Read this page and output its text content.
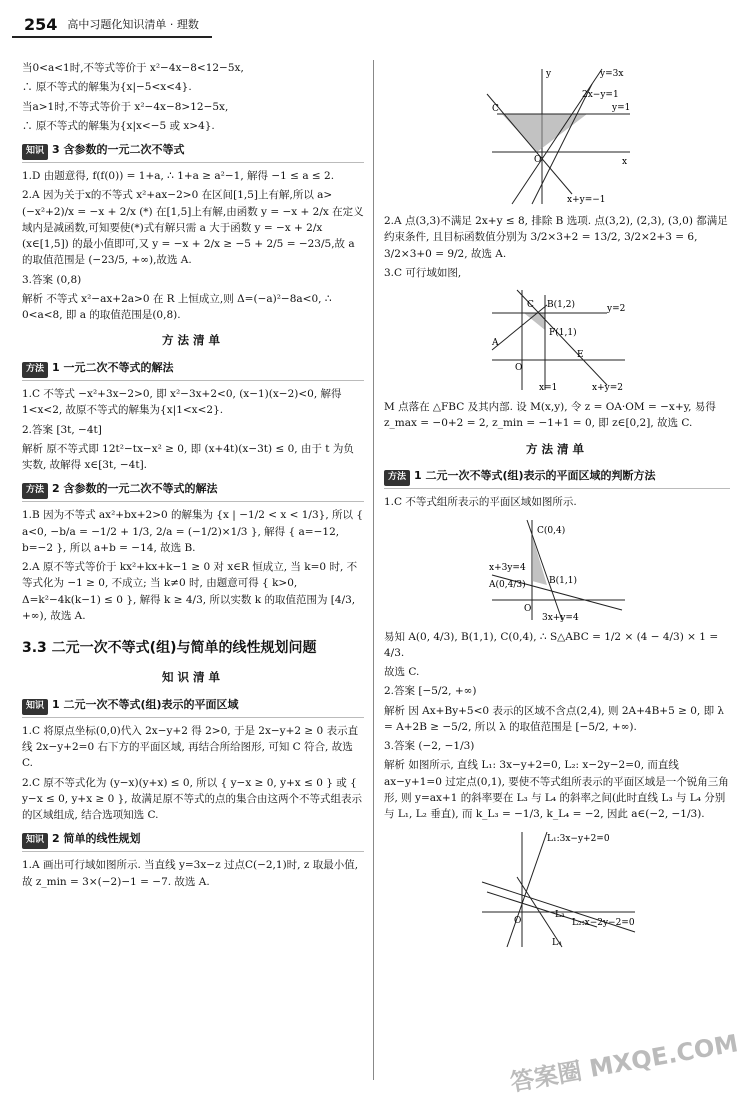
254 高中习题化知识清单 · 理数

当0<a<1时,不等式等价于 x²−4x−8<12−5x,

∴ 原不等式的解集为{x|−5<x<4}.

当a>1时,不等式等价于 x²−4x−8>12−5x,

∴ 原不等式的解集为{x|x<−5 或 x>4}.

知识 3 含参数的一元二次不等式

1.D 由题意得, f(f(0)) = 1+a, ∴ 1+a ≥ a²−1, 解得 −1 ≤ a ≤ 2.

2.A 因为关于x的不等式 x²+ax−2>0 在区间[1,5]上有解,所以 a> (−x²+2)/x = −x + 2/x (*) 在[1,5]上有解,由函数 y = −x + 2/x 在定义域内是减函数,可知要使(*)式有解只需 a 大于函数 y = −x + 2/x (x∈[1,5]) 的最小值即可,又 y = −x + 2/x ≥ −5 + 2/5 = −23/5,故 a 的取值范围是 (−23/5, +∞),故选 A.

3.答案 (0,8)

解析 不等式 x²−ax+2a>0 在 R 上恒成立,则 Δ=(−a)²−8a<0, ∴ 0<a<8, 即 a 的取值范围是(0,8).

方法清单
方法 1 一元二次不等式的解法

1.C 不等式 −x²+3x−2>0, 即 x²−3x+2<0, (x−1)(x−2)<0, 解得 1<x<2, 故原不等式的解集为{x|1<x<2}.

2.答案 [3t, −4t]

解析 原不等式即 12t²−tx−x² ≥ 0, 即 (x+4t)(x−3t) ≤ 0, 由于 t 为负实数, 故解得 x∈[3t, −4t].

方法 2 含参数的一元二次不等式的解法

1.B 因为不等式 ax²+bx+2>0 的解集为 {x | −1/2 < x < 1/3}, 所以 { a<0, −b/a = −1/2 + 1/3, 2/a = (−1/2)×1/3 }, 解得 { a=−12, b=−2 }, 所以 a+b = −14, 故选 B.

2.A 原不等式等价于 kx²+kx+k−1 ≥ 0 对 x∈R 恒成立, 当 k=0 时, 不等式化为 −1 ≥ 0, 不成立; 当 k≠0 时, 由题意可得 { k>0, Δ=k²−4k(k−1) ≤ 0 }, 解得 k ≥ 4/3, 所以实数 k 的取值范围为 [4/3, +∞), 故选 A.

3.3 二元一次不等式(组)与简单的线性规划问题
知识清单
知识 1 二元一次不等式(组)表示的平面区域

1.C 将原点坐标(0,0)代入 2x−y+2 得 2>0, 于是 2x−y+2 ≥ 0 表示直线 2x−y+2=0 右下方的平面区域, 再结合所给图形, 可知 C 符合, 故选 C.

2.C 原不等式化为 (y−x)(y+x) ≤ 0, 所以 { y−x ≥ 0, y+x ≤ 0 } 或 { y−x ≤ 0, y+x ≥ 0 }, 故满足原不等式的点的集合由这两个不等式组表示的区域组成, 结合选项知选 C.

知识 2 简单的线性规划

1.A 画出可行域如图所示. 当直线 y=3x−z 过点C(−2,1)时, z 取最小值, 故 z_min = 3×(−2)−1 = −7. 故选 A.

y=3x
2x−y=1
y=1
C
x+y=−1
x
y
O

2.A 点(3,3)不满足 2x+y ≤ 8, 排除 B 选项. 点(3,2), (2,3), (3,0) 都满足约束条件, 且目标函数值分别为 3/2×3+2 = 13/2, 3/2×2+3 = 6, 3/2×3+0 = 9/2, 故选 A.

3.C 可行域如图,

B(1,2)
C	y=2
F(1,1)
E
A
x=1	x+y=2
O

M 点落在 △FBC 及其内部. 设 M(x,y), 令 z = OA·OM = −x+y, 易得 z_max = −0+2 = 2, z_min = −1+1 = 0, 即 z∈[0,2], 故选 C.

方法清单
方法 1 二元一次不等式(组)表示的平面区域的判断方法

1.C 不等式组所表示的平面区域如图所示.

C(0,4)
x+3y=4
A(0,4/3)	B(1,1)
3x+y=4
O

易知 A(0, 4/3), B(1,1), C(0,4), ∴ S△ABC = 1/2 × (4 − 4/3) × 1 = 4/3.

故选 C.

2.答案 [−5/2, +∞)

解析 因 Ax+By+5<0 表示的区域不含点(2,4), 则 2A+4B+5 ≥ 0, 即 λ = A+2B ≥ −5/2, 所以 λ 的取值范围是 [−5/2, +∞).

3.答案 (−2, −1/3)

解析 如图所示, 直线 L₁: 3x−y+2=0, L₂: x−2y−2=0, 而直线 ax−y+1=0 过定点(0,1), 要使不等式组所表示的平面区域是一个锐角三角形, 则 y=ax+1 的斜率要在 L₃ 与 L₄ 的斜率之间(此时直线 L₃ 与 L₄ 分别与 L₁, L₂ 垂直), 而 k_L₃ = −1/3, k_L₄ = −2, 因此 a∈(−2, −1/3).

L₁:3x−y+2=0
L₂:x−2y−2=0
L₃
L₄
O
答案圈 MXQE.COM
